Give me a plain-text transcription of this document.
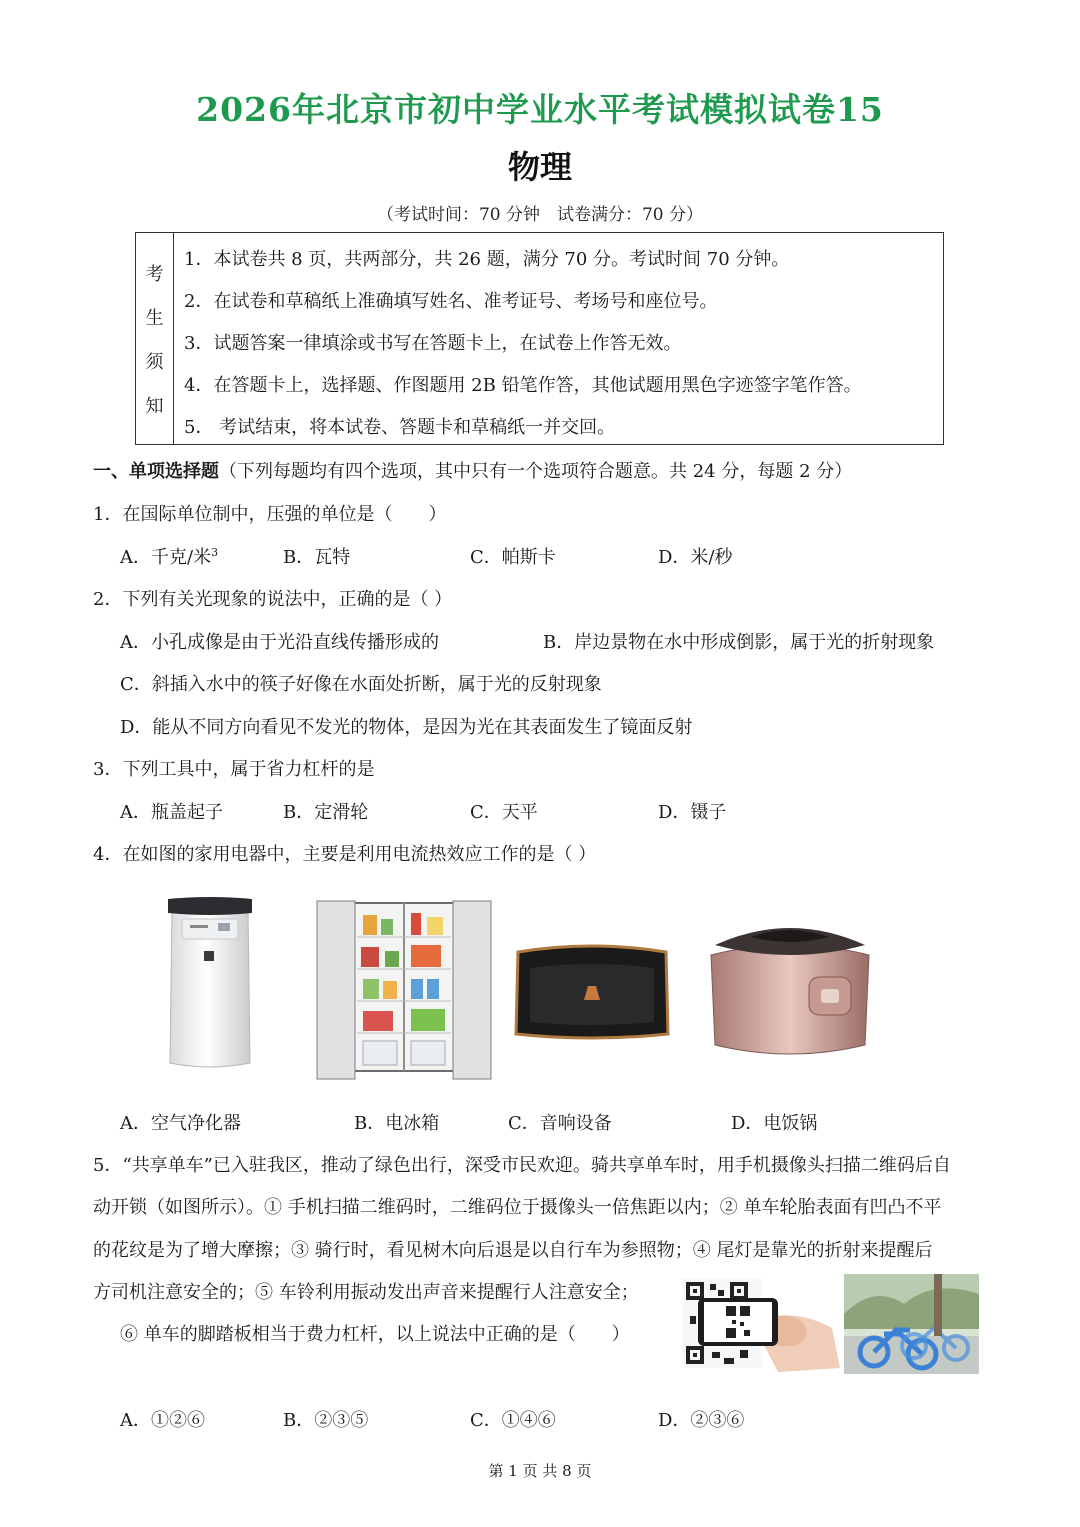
2026年北京市初中学业水平考试模拟试卷15
物理
（考试时间：70 分钟　试卷满分：70 分）
考
生
须
知
1．本试卷共 8 页，共两部分，共 26 题，满分 70 分。考试时间 70 分钟。
2．在试卷和草稿纸上准确填写姓名、准考证号、考场号和座位号。
3．试题答案一律填涂或书写在答题卡上，在试卷上作答无效。
4．在答题卡上，选择题、作图题用 2B 铅笔作答，其他试题用黑色字迹签字笔作答。
5． 考试结束，将本试卷、答题卡和草稿纸一并交回。
一、单项选择题（下列每题均有四个选项，其中只有一个选项符合题意。共 24 分，每题 2 分）
1．在国际单位制中，压强的单位是（　　）
A．千克/米$^3$	B．瓦特	C．帕斯卡	D．米/秒
2．下列有关光现象的说法中，正确的是（ ）
A．小孔成像是由于光沿直线传播形成的	B．岸边景物在水中形成倒影，属于光的折射现象
C．斜插入水中的筷子好像在水面处折断，属于光的反射现象
D．能从不同方向看见不发光的物体，是因为光在其表面发生了镜面反射
3．下列工具中，属于省力杠杆的是
A．瓶盖起子	B．定滑轮	C．天平	D．镊子
4．在如图的家用电器中，主要是利用电流热效应工作的是（ ）
A．空气净化器	B．电冰箱	C．音响设备	D．电饭锅
5．“共享单车”已入驻我区，推动了绿色出行，深受市民欢迎。骑共享单车时，用手机摄像头扫描二维码后自
动开锁（如图所示）。① 手机扫描二维码时，二维码位于摄像头一倍焦距以内；② 单车轮胎表面有凹凸不平
的花纹是为了增大摩擦；③ 骑行时，看见树木向后退是以自行车为参照物；④ 尾灯是靠光的折射来提醒后
方司机注意安全的；⑤ 车铃利用振动发出声音来提醒行人注意安全；
⑥ 单车的脚踏板相当于费力杠杆，以上说法中正确的是（　　）
A．①②⑥	B．②③⑤	C．①④⑥	D．②③⑥
第 1 页 共 8 页
